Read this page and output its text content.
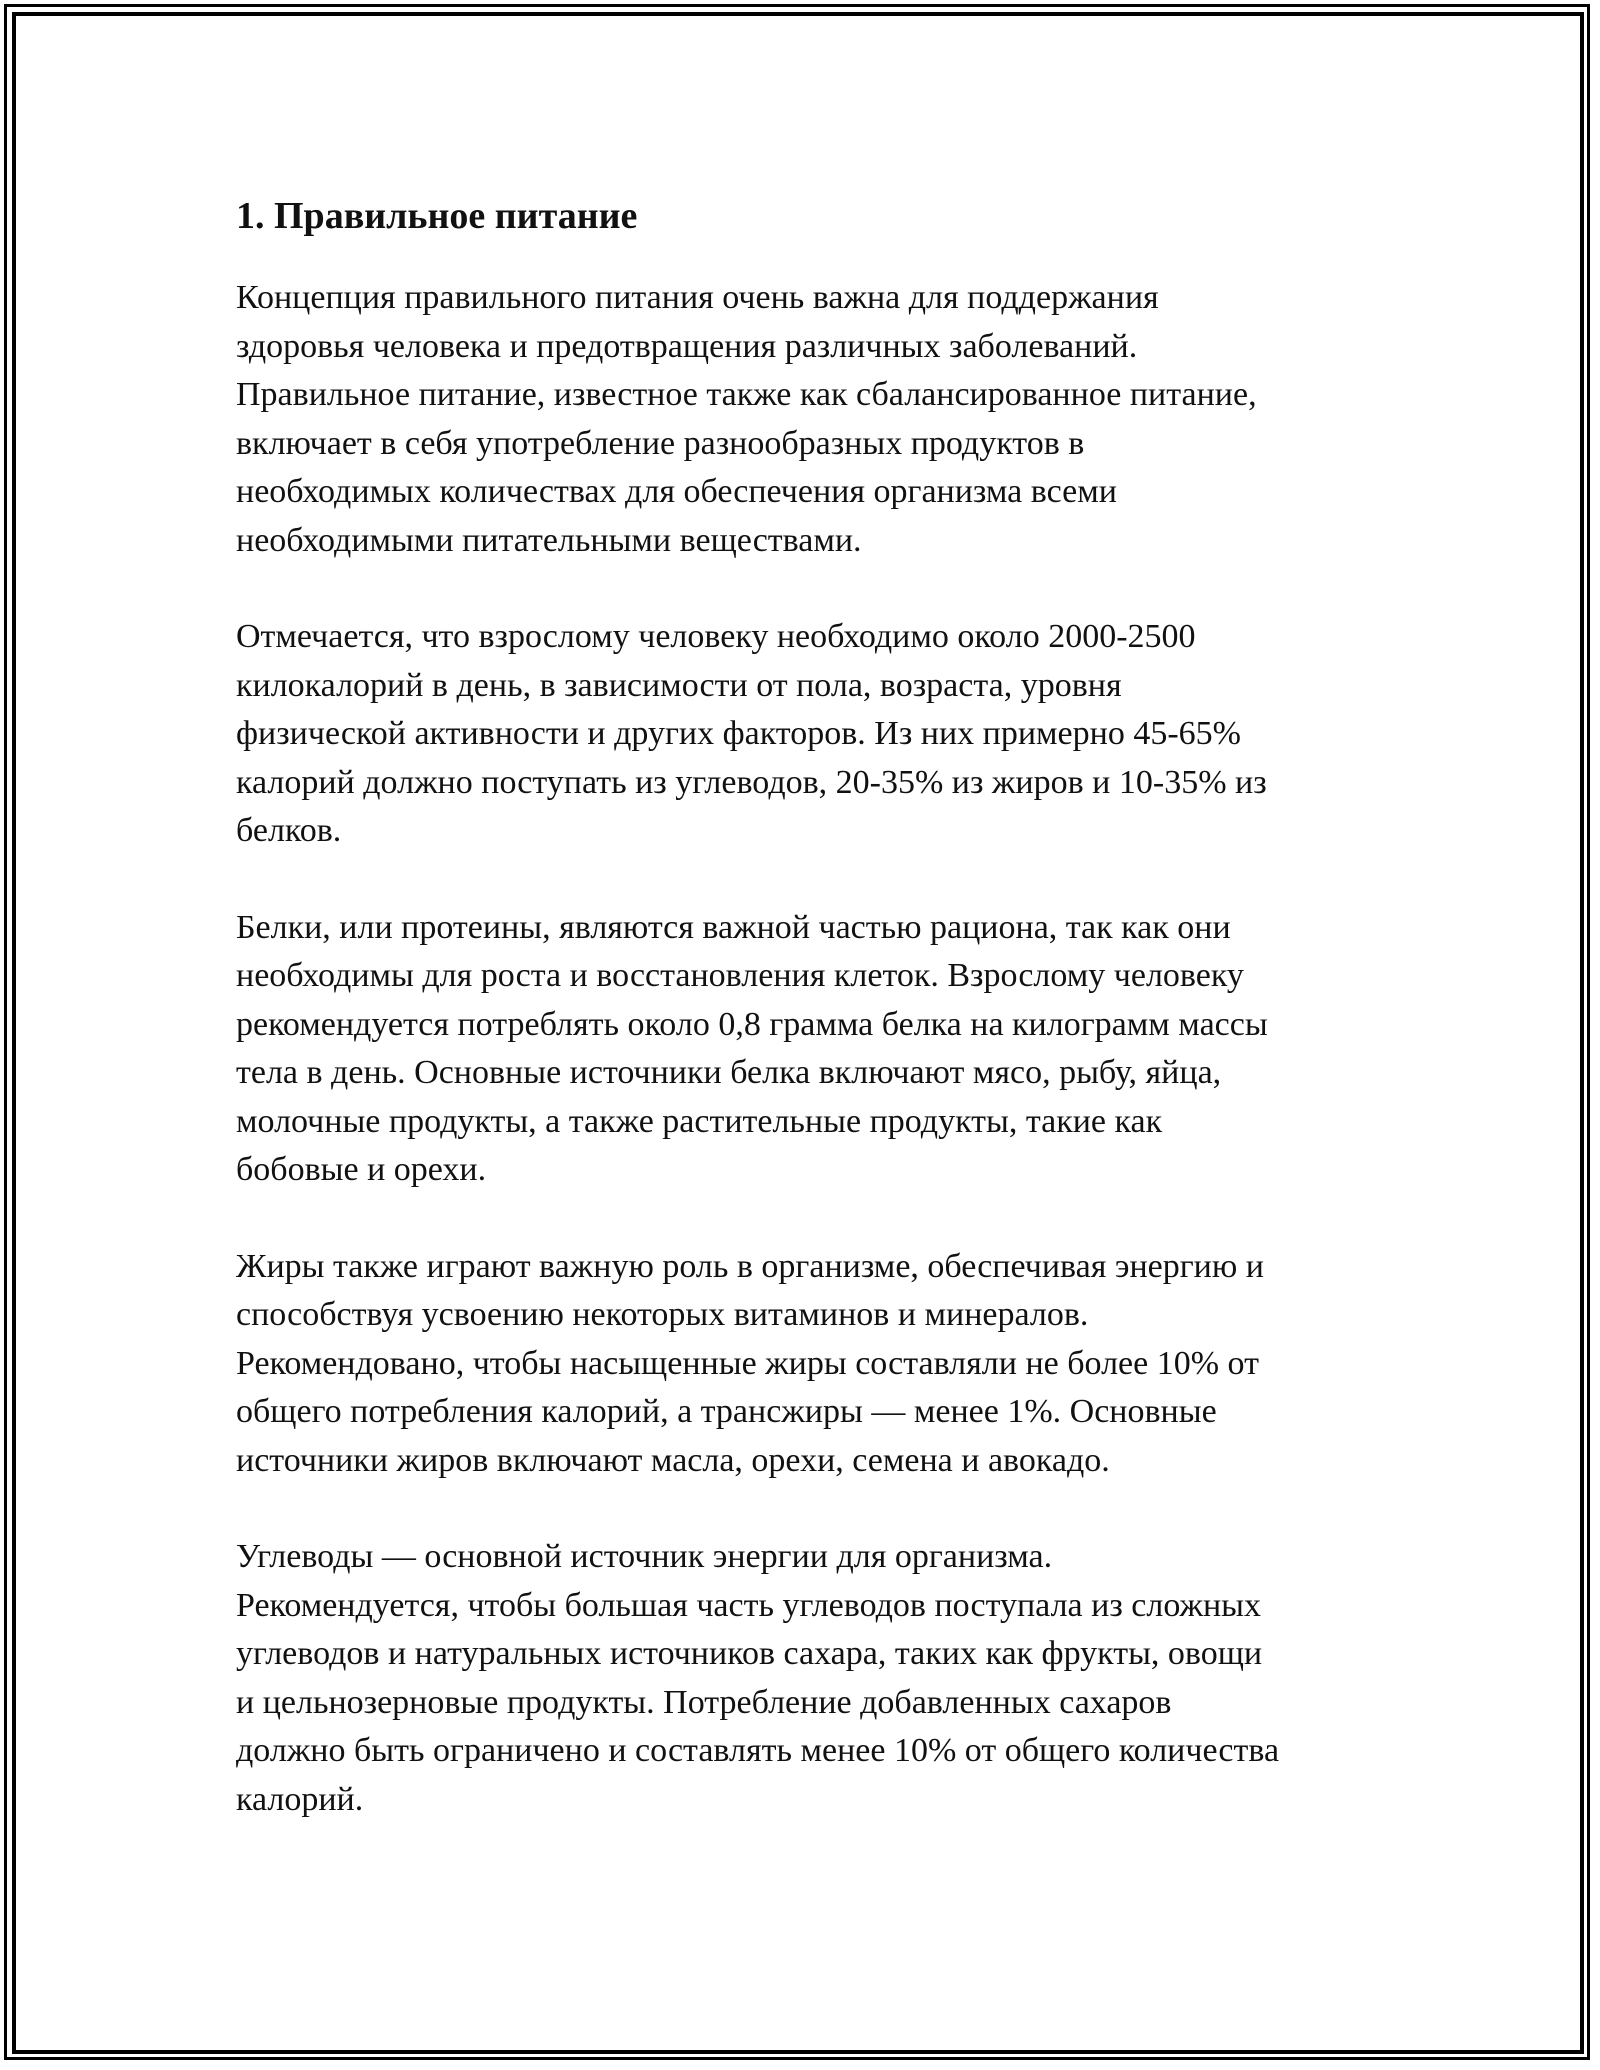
1. Правильное питание

Концепция правильного питания очень важна для поддержания
здоровья человека и предотвращения различных заболеваний.
Правильное питание, известное также как сбалансированное питание,
включает в себя употребление разнообразных продуктов в
необходимых количествах для обеспечения организма всеми
необходимыми питательными веществами.

Отмечается, что взрослому человеку необходимо около 2000-2500
килокалорий в день, в зависимости от пола, возраста, уровня
физической активности и других факторов. Из них примерно 45-65%
калорий должно поступать из углеводов, 20-35% из жиров и 10-35% из
белков.

Белки, или протеины, являются важной частью рациона, так как они
необходимы для роста и восстановления клеток. Взрослому человеку
рекомендуется потреблять около 0,8 грамма белка на килограмм массы
тела в день. Основные источники белка включают мясо, рыбу, яйца,
молочные продукты, а также растительные продукты, такие как
бобовые и орехи.

Жиры также играют важную роль в организме, обеспечивая энергию и
способствуя усвоению некоторых витаминов и минералов.
Рекомендовано, чтобы насыщенные жиры составляли не более 10% от
общего потребления калорий, а трансжиры — менее 1%. Основные
источники жиров включают масла, орехи, семена и авокадо.

Углеводы — основной источник энергии для организма.
Рекомендуется, чтобы большая часть углеводов поступала из сложных
углеводов и натуральных источников сахара, таких как фрукты, овощи
и цельнозерновые продукты. Потребление добавленных сахаров
должно быть ограничено и составлять менее 10% от общего количества
калорий.
